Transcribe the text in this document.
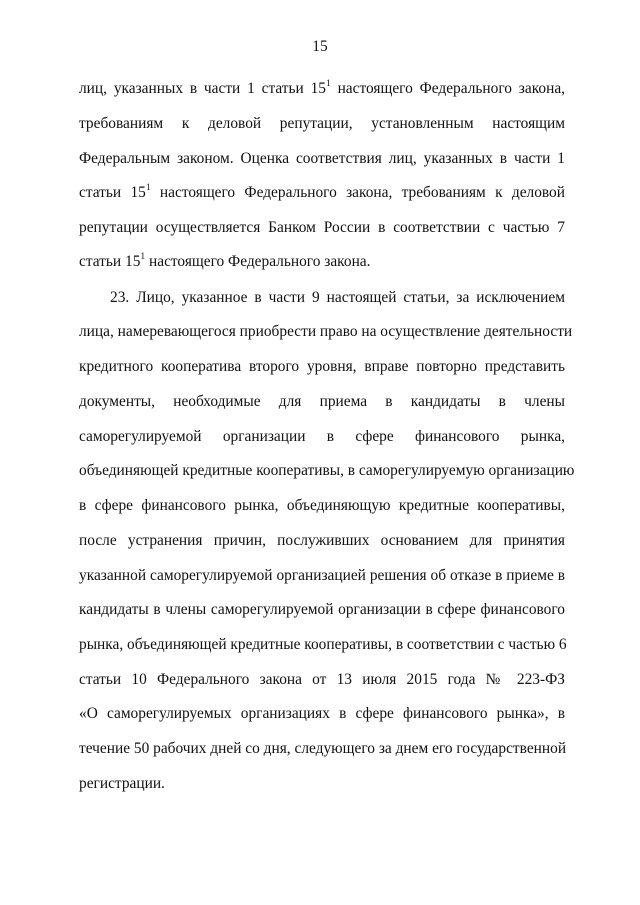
15
лиц, указанных в части 1 статьи $15^1$ настоящего Федерального закона,
требованиям к деловой репутации, установленным настоящим
Федеральным законом. Оценка соответствия лиц, указанных в части 1
статьи $15^1$ настоящего Федерального закона, требованиям к деловой
репутации осуществляется Банком России в соответствии с частью 7
статьи $15^1$ настоящего Федерального закона.
23. Лицо, указанное в части 9 настоящей статьи, за исключением
лица, намеревающегося приобрести право на осуществление деятельности
кредитного кооператива второго уровня, вправе повторно представить
документы, необходимые для приема в кандидаты в члены
саморегулируемой организации в сфере финансового рынка,
объединяющей кредитные кооперативы, в саморегулируемую организацию
в сфере финансового рынка, объединяющую кредитные кооперативы,
после устранения причин, послуживших основанием для принятия
указанной саморегулируемой организацией решения об отказе в приеме в
кандидаты в члены саморегулируемой организации в сфере финансового
рынка, объединяющей кредитные кооперативы, в соответствии с частью 6
статьи 10 Федерального закона от 13 июля 2015 года № 223-ФЗ
«О саморегулируемых организациях в сфере финансового рынка», в
течение 50 рабочих дней со дня, следующего за днем его государственной
регистрации.
